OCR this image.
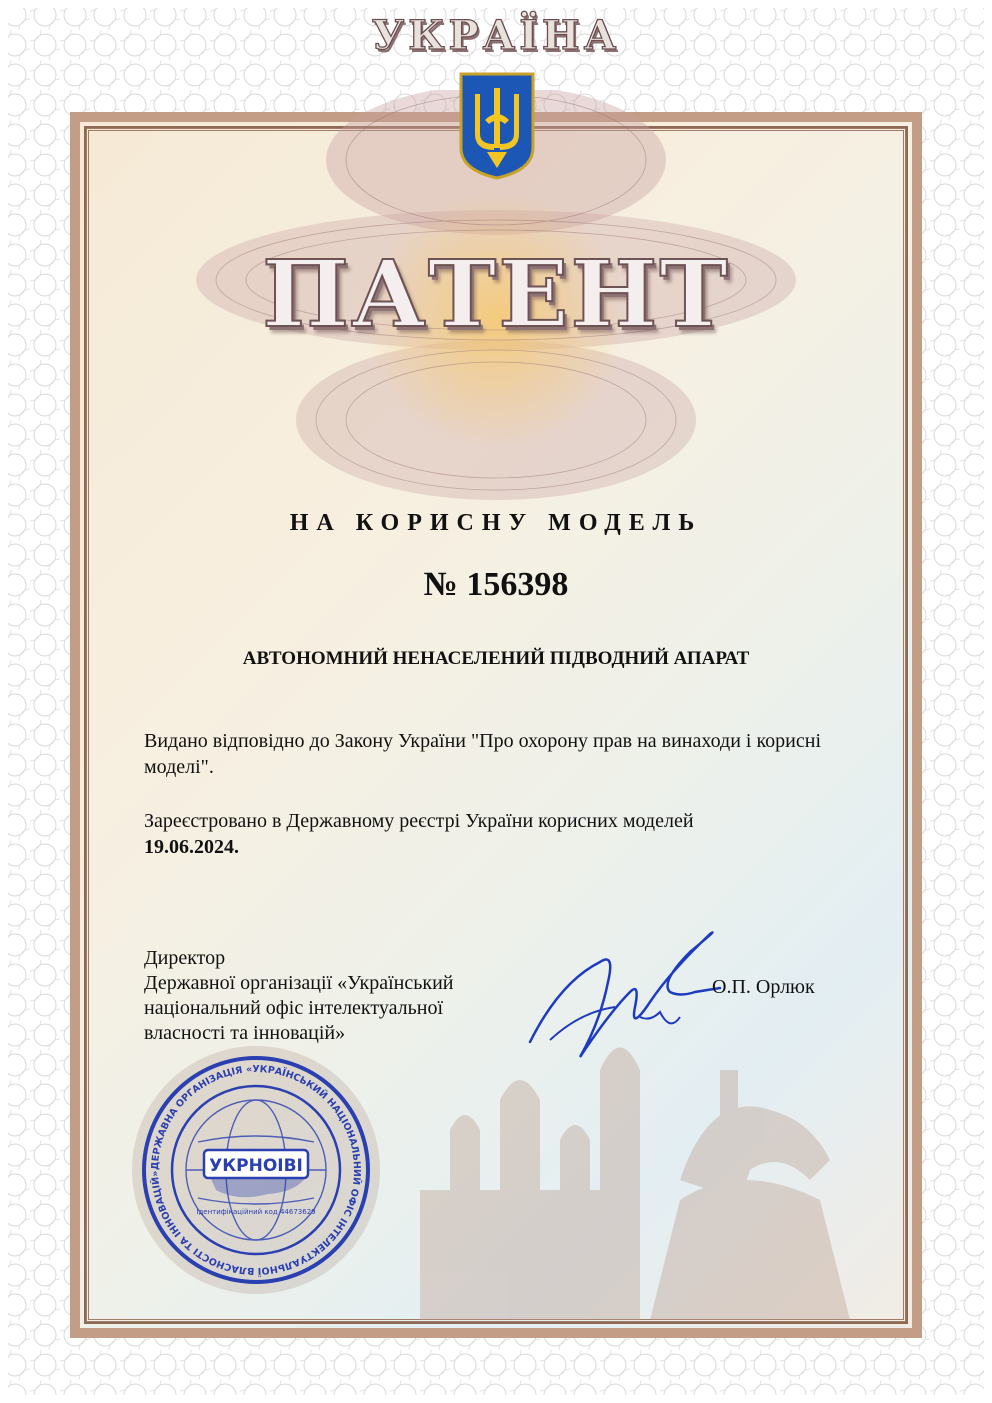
УКРАЇНА
ПАТЕНТ
НА КОРИСНУ МОДЕЛЬ
№ 156398
АВТОНОМНИЙ НЕНАСЕЛЕНИЙ ПІДВОДНИЙ АПАРАТ
Видано відповідно до Закону України "Про охорону прав на винаходи і корисні моделі".
Зареєстровано в Державному реєстрі України корисних моделей
19.06.2024.
Директор
Державної організації «Український
національний офіс інтелектуальної
власності та інновацій»
О.П. Орлюк
ДЕРЖАВНА ОРГАНІЗАЦІЯ «УКРАЇНСЬКИЙ НАЦІОНАЛЬНИЙ ОФІС ІНТЕЛЕКТУАЛЬНОЇ ВЛАСНОСТІ ТА ІННОВАЦІЙ»	УКРНОІВІ
Ідентифікаційний код 44673629
